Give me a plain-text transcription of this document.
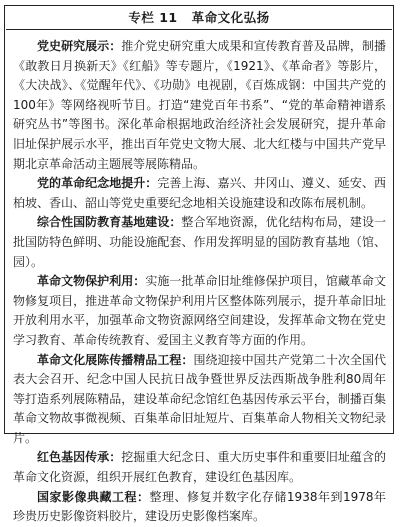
专栏 11 革命文化弘扬

党史研究展示：推介党史研究重大成果和宣传教育普及品牌，制播《敢教日月换新天》《红船》等专题片，《1921》、《革命者》等影片，《大决战》、《觉醒年代》、《功勋》电视剧，《百炼成钢：中国共产党的100年》等网络视听节目。打造“建党百年书系”、“党的革命精神谱系研究丛书”等图书。深化革命根据地政治经济社会发展研究，提升革命旧址保护展示水平，推出百年党史文物大展、北大红楼与中国共产党早期北京革命活动主题展等展陈精品。

党的革命纪念地提升：完善上海、嘉兴、井冈山、遵义、延安、西柏坡、香山、韶山等党史重要纪念地相关设施建设和改陈布展机制。

综合性国防教育基地建设：整合军地资源，优化结构布局，建设一批国防特色鲜明、功能设施配套、作用发挥明显的国防教育基地（馆、园）。

革命文物保护利用：实施一批革命旧址维修保护项目，馆藏革命文物修复项目，推进革命文物保护利用片区整体陈列展示，提升革命旧址开放利用水平，加强革命文物资源网络空间建设，发挥革命文物在党史学习教育、革命传统教育、爱国主义教育等方面的作用。

革命文化展陈传播精品工程：围绕迎接中国共产党第二十次全国代表大会召开、纪念中国人民抗日战争暨世界反法西斯战争胜利80周年等打造系列展陈精品，建设革命纪念馆红色基因传承云平台，制播百集革命文物故事微视频、百集革命旧址短片、百集革命人物相关文物纪录片。

红色基因传承：挖掘重大纪念日、重大历史事件和重要旧址蕴含的革命文化资源，组织开展红色教育，建设红色基因库。

国家影像典藏工程：整理、修复并数字化存储1938年到1978年珍贵历史影像资料胶片，建设历史影像档案库。
